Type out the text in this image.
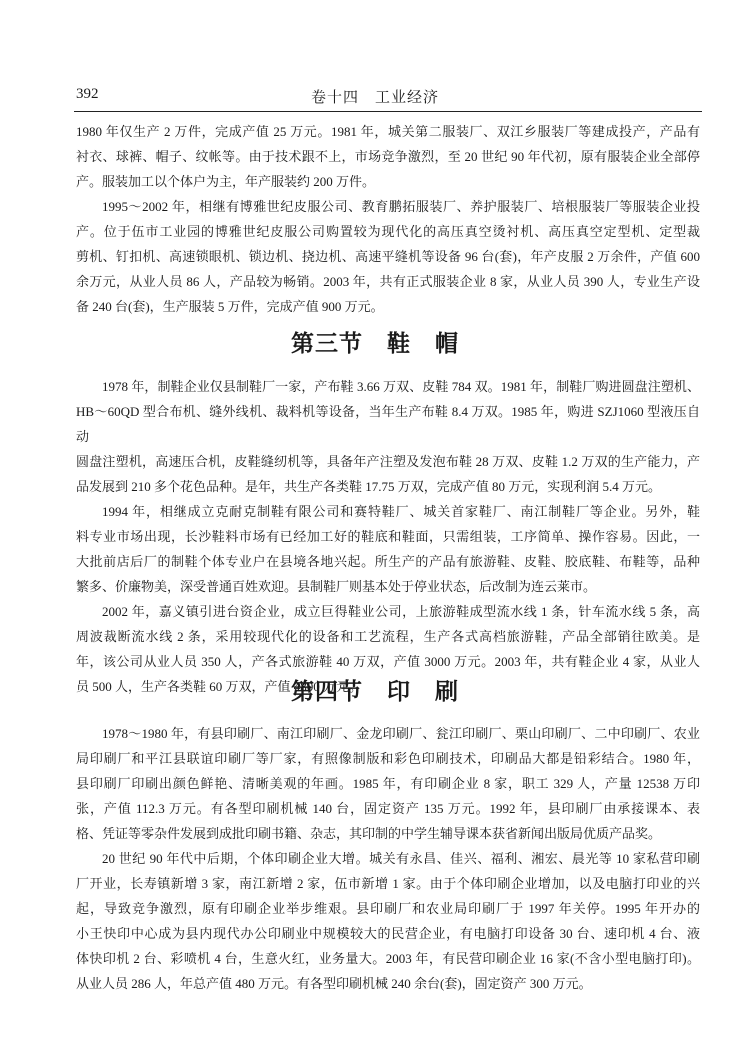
392	卷十四　工业经济
1980 年仅生产 2 万件，完成产值 25 万元。1981 年，城关第二服装厂、双江乡服装厂等建成投产，产品有
衬衣、球裤、帽子、纹帐等。由于技术跟不上，市场竞争激烈，至 20 世纪 90 年代初，原有服装企业全部停
产。服装加工以个体户为主，年产服装约 200 万件。
1995～2002 年，相继有博雅世纪皮服公司、教育鹏拓服装厂、养护服装厂、培根服装厂等服装企业投
产。位于伍市工业园的博雅世纪皮服公司购置较为现代化的高压真空烫衬机、高压真空定型机、定型裁
剪机、钉扣机、高速锁眼机、锁边机、挠边机、高速平缝机等设备 96 台(套)，年产皮服 2 万余件，产值 600
余万元，从业人员 86 人，产品较为畅销。2003 年，共有正式服装企业 8 家，从业人员 390 人，专业生产设
备 240 台(套)，生产服装 5 万件，完成产值 900 万元。
第三节　鞋　帽
1978 年，制鞋企业仅县制鞋厂一家，产布鞋 3.66 万双、皮鞋 784 双。1981 年，制鞋厂购进圆盘注塑机、
HB～60QD 型合布机、缝外线机、裁料机等设备，当年生产布鞋 8.4 万双。1985 年，购进 SZJ1060 型液压自动
圆盘注塑机，高速压合机，皮鞋缝纫机等，具备年产注塑及发泡布鞋 28 万双、皮鞋 1.2 万双的生产能力，产
品发展到 210 多个花色品种。是年，共生产各类鞋 17.75 万双，完成产值 80 万元，实现利润 5.4 万元。
1994 年，相继成立克耐克制鞋有限公司和赛特鞋厂、城关首家鞋厂、南江制鞋厂等企业。另外，鞋
料专业市场出现，长沙鞋料市场有已经加工好的鞋底和鞋面，只需组装，工序简单、操作容易。因此，一
大批前店后厂的制鞋个体专业户在县境各地兴起。所生产的产品有旅游鞋、皮鞋、胶底鞋、布鞋等，品种
繁多、价廉物美，深受普通百姓欢迎。县制鞋厂则基本处于停业状态，后改制为连云莱市。
2002 年，嘉义镇引进台资企业，成立巨得鞋业公司，上旅游鞋成型流水线 1 条，针车流水线 5 条，高
周波裁断流水线 2 条，采用较现代化的设备和工艺流程，生产各式高档旅游鞋，产品全部销往欧美。是
年，该公司从业人员 350 人，产各式旅游鞋 40 万双，产值 3000 万元。2003 年，共有鞋企业 4 家，从业人
员 500 人，生产各类鞋 60 万双，产值 4800 万元。
第四节　印　刷
1978～1980 年，有县印刷厂、南江印刷厂、金龙印刷厂、瓮江印刷厂、栗山印刷厂、二中印刷厂、农业
局印刷厂和平江县联谊印刷厂等厂家，有照像制版和彩色印刷技术，印刷品大都是铅彩结合。1980 年，
县印刷厂印刷出颜色鲜艳、清晰美观的年画。1985 年，有印刷企业 8 家，职工 329 人，产量 12538 万印
张，产值 112.3 万元。有各型印刷机械 140 台，固定资产 135 万元。1992 年，县印刷厂由承接课本、表
格、凭证等零杂件发展到成批印刷书籍、杂志，其印制的中学生辅导课本获省新闻出版局优质产品奖。
20 世纪 90 年代中后期，个体印刷企业大增。城关有永昌、佳兴、福利、湘宏、晨光等 10 家私营印刷
厂开业，长寿镇新增 3 家，南江新增 2 家，伍市新增 1 家。由于个体印刷企业增加，以及电脑打印业的兴
起，导致竞争激烈，原有印刷企业举步维艰。县印刷厂和农业局印刷厂于 1997 年关停。1995 年开办的
小王快印中心成为县内现代办公印刷业中规模较大的民营企业，有电脑打印设备 30 台、速印机 4 台、液
体快印机 2 台、彩喷机 4 台，生意火红，业务量大。2003 年，有民营印刷企业 16 家(不含小型电脑打印)。
从业人员 286 人，年总产值 480 万元。有各型印刷机械 240 余台(套)，固定资产 300 万元。
